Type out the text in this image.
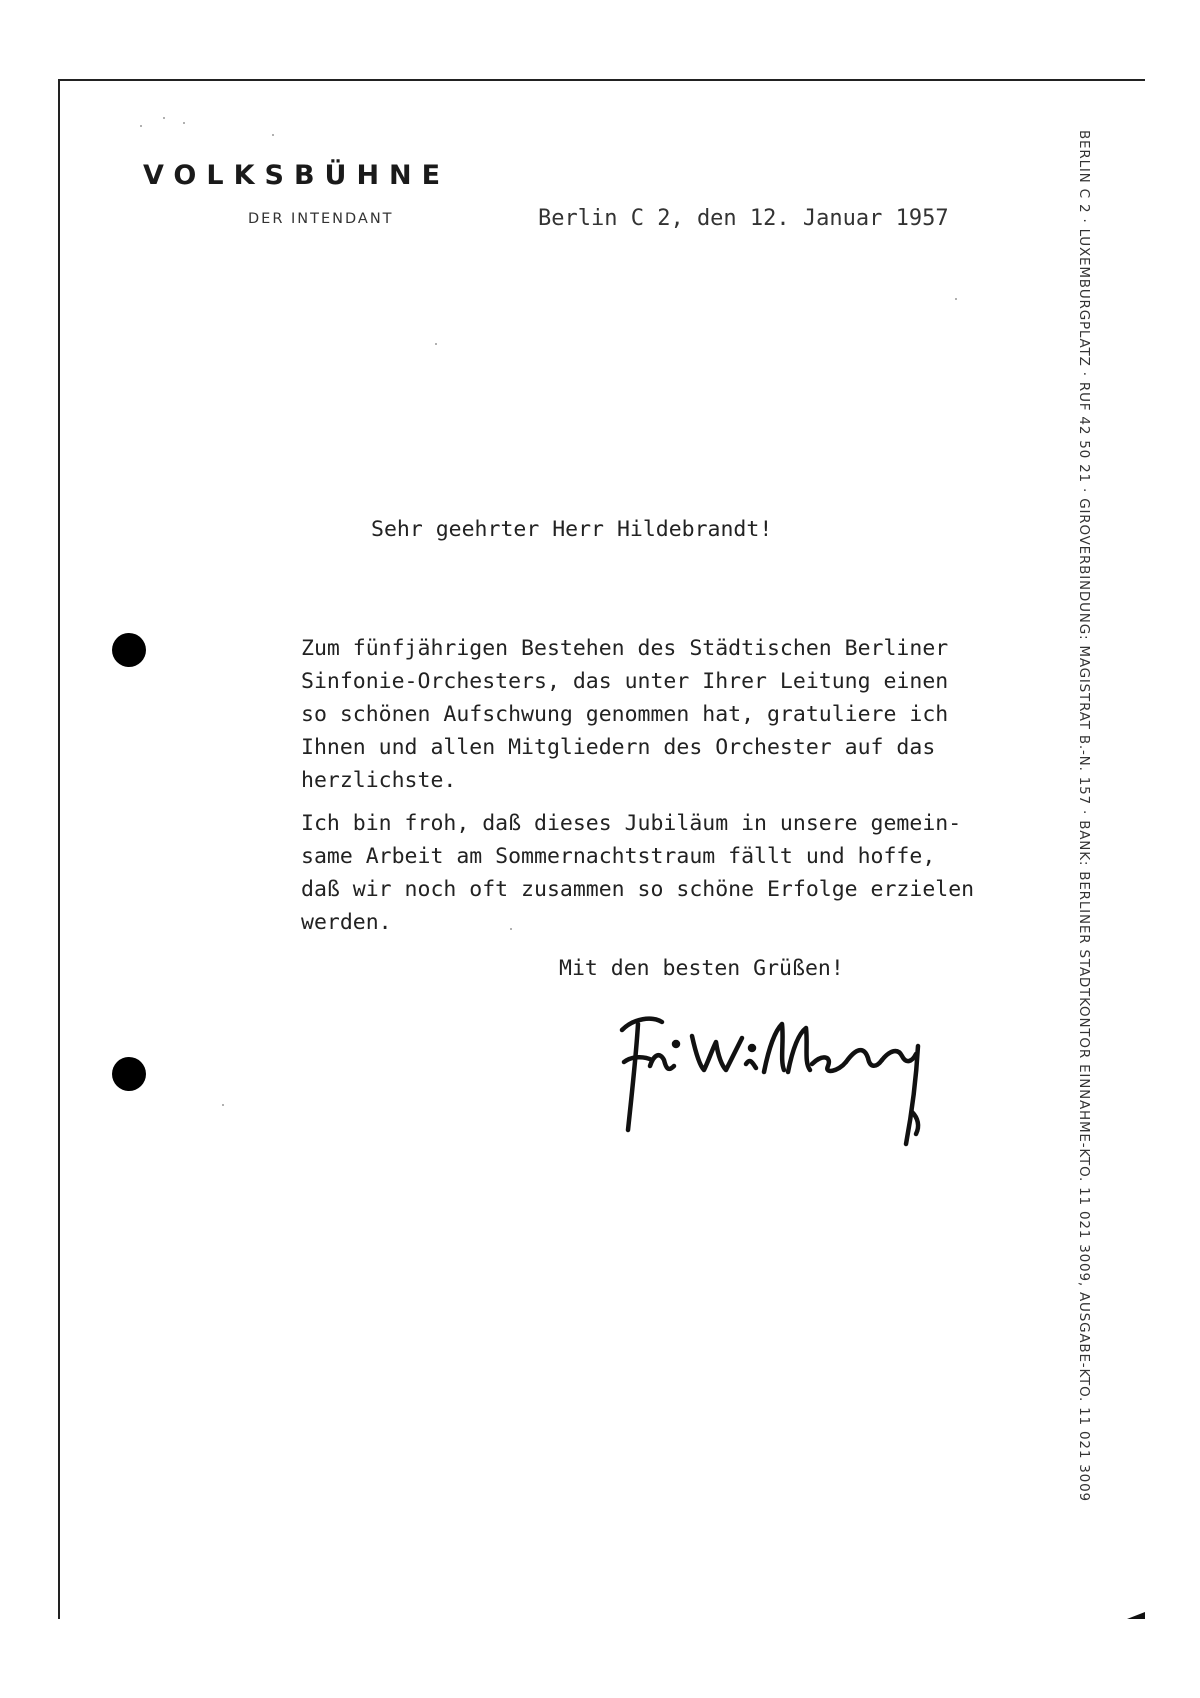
VOLKSBÜHNE
DER INTENDANT	Berlin C 2, den 12. Januar 1957
Sehr geehrter Herr Hildebrandt!

Zum fünfjährigen Bestehen des Städtischen Berliner

Sinfonie-Orchesters, das unter Ihrer Leitung einen

so schönen Aufschwung genommen hat, gratuliere ich

Ihnen und allen Mitgliedern des Orchester auf das

herzlichste.

Ich bin froh, daß dieses Jubiläum in unsere gemein-

same Arbeit am Sommernachtstraum fällt und hoffe,

daß wir noch oft zusammen so schöne Erfolge erzielen

werden.

Mit den besten Grüßen!	BERLIN C 2 · LUXEMBURGPLATZ · RUF 42 50 21 · GIROVERBINDUNG: MAGISTRAT B.-N. 157 · BANK: BERLINER STADTKONTOR EINNAHME-KTO. 11 021 3009, AUSGABE-KTO. 11 021 3009
